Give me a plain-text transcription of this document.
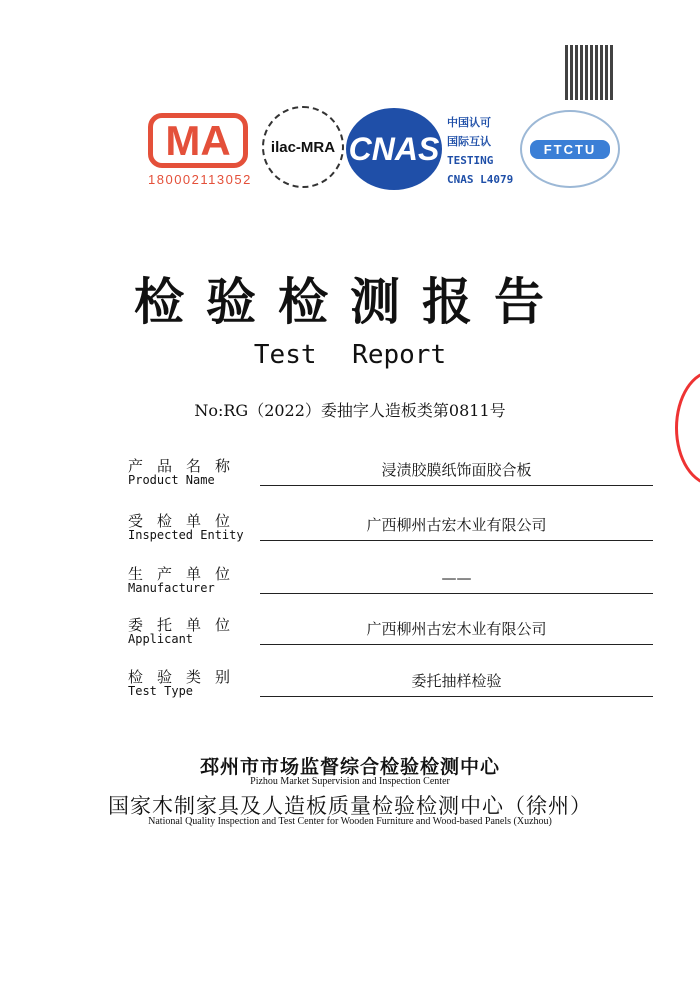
MA
180002113052
ilac-MRA CNAS
中国认可
国际互认
TESTING
CNAS L4079
FTCTU
检验检测报告
Test Report
No:RG（2022）委抽字人造板类第0811号
产品名称
Product Name
浸渍胶膜纸饰面胶合板
受检单位
Inspected Entity
广西柳州古宏木业有限公司
生产单位
Manufacturer
——
委托单位
Applicant
广西柳州古宏木业有限公司
检验类别
Test Type
委托抽样检验
邳州市市场监督综合检验检测中心
Pizhou Market Supervision and Inspection Center
国家木制家具及人造板质量检验检测中心（徐州）
National Quality Inspection and Test Center for Wooden Furniture and Wood-based Panels (Xuzhou)
